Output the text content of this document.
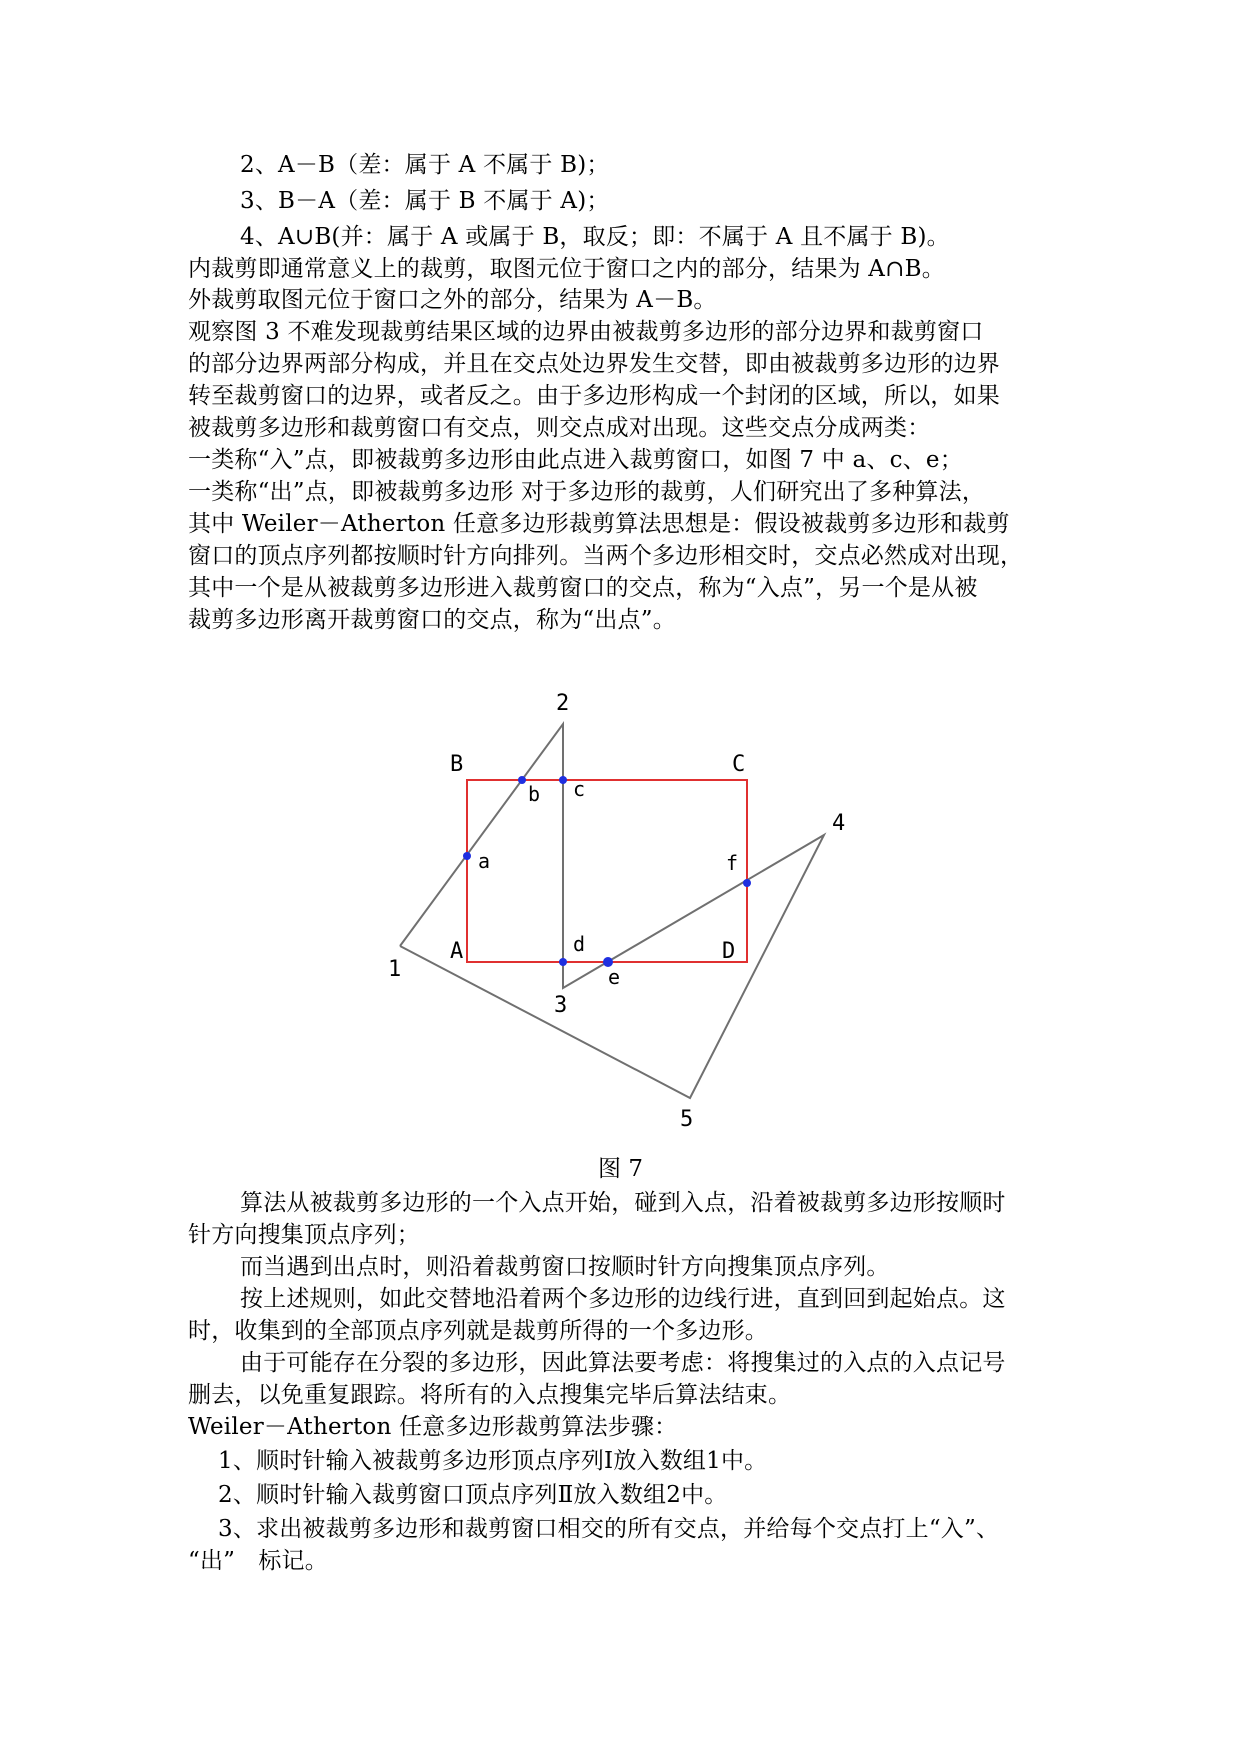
2、A－B（差：属于 A 不属于 B)；
3、B－A（差：属于 B 不属于 A)；
4、A∪B(并：属于 A 或属于 B，取反；即：不属于 A 且不属于 B)。
内裁剪即通常意义上的裁剪，取图元位于窗口之内的部分，结果为 A∩B。
外裁剪取图元位于窗口之外的部分，结果为 A－B。
观察图 3 不难发现裁剪结果区域的边界由被裁剪多边形的部分边界和裁剪窗口
的部分边界两部分构成，并且在交点处边界发生交替，即由被裁剪多边形的边界
转至裁剪窗口的边界，或者反之。由于多边形构成一个封闭的区域，所以，如果
被裁剪多边形和裁剪窗口有交点，则交点成对出现。这些交点分成两类：
一类称“入”点，即被裁剪多边形由此点进入裁剪窗口，如图 7 中 a、c、e；
一类称“出”点，即被裁剪多边形 对于多边形的裁剪，人们研究出了多种算法，
其中 Weiler－Atherton 任意多边形裁剪算法思想是：假设被裁剪多边形和裁剪
窗口的顶点序列都按顺时针方向排列。当两个多边形相交时，交点必然成对出现，
其中一个是从被裁剪多边形进入裁剪窗口的交点，称为“入点”，另一个是从被
裁剪多边形离开裁剪窗口的交点，称为“出点”。
1
2
3
4
5
A
B	C
D
a
b c
d
e
f
图 7
算法从被裁剪多边形的一个入点开始，碰到入点，沿着被裁剪多边形按顺时
针方向搜集顶点序列；
而当遇到出点时，则沿着裁剪窗口按顺时针方向搜集顶点序列。
按上述规则，如此交替地沿着两个多边形的边线行进，直到回到起始点。这
时，收集到的全部顶点序列就是裁剪所得的一个多边形。
由于可能存在分裂的多边形，因此算法要考虑：将搜集过的入点的入点记号
删去，以免重复跟踪。将所有的入点搜集完毕后算法结束。
Weiler－Atherton 任意多边形裁剪算法步骤：
1、顺时针输入被裁剪多边形顶点序列Ⅰ放入数组1中。
2、顺时针输入裁剪窗口顶点序列Ⅱ放入数组2中。
3、求出被裁剪多边形和裁剪窗口相交的所有交点，并给每个交点打上“入”、
“出”　标记。
